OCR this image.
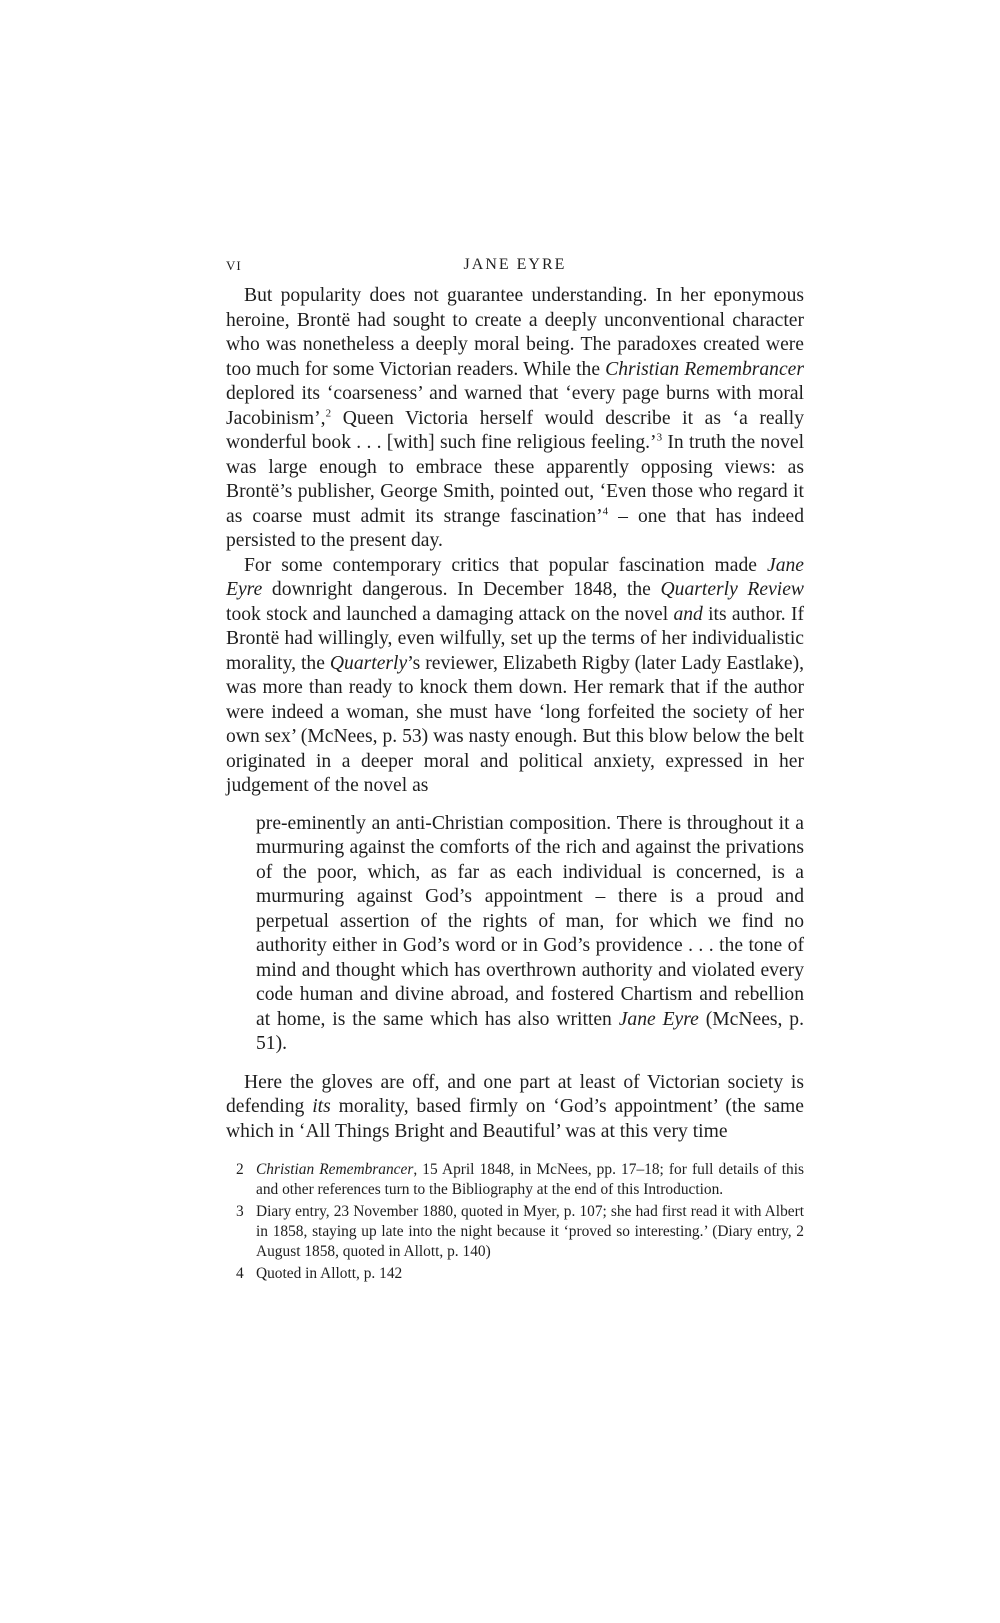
VI	JANE EYRE

But popularity does not guarantee understanding. In her eponymous heroine, Brontë had sought to create a deeply unconventional character who was nonetheless a deeply moral being. The paradoxes created were too much for some Victorian readers. While the Christian Remembrancer deplored its ‘coarseness’ and warned that ‘every page burns with moral Jacobinism’,$^2$ Queen Victoria herself would describe it as ‘a really wonderful book . . . [with] such fine religious feeling.’$^3$ In truth the novel was large enough to embrace these apparently opposing views: as Brontë’s publisher, George Smith, pointed out, ‘Even those who regard it as coarse must admit its strange fascination’$^4$ – one that has indeed persisted to the present day.

For some contemporary critics that popular fascination made Jane Eyre downright dangerous. In December 1848, the Quarterly Review took stock and launched a damaging attack on the novel and its author. If Brontë had willingly, even wilfully, set up the terms of her individualistic morality, the Quarterly’s reviewer, Elizabeth Rigby (later Lady Eastlake), was more than ready to knock them down. Her remark that if the author were indeed a woman, she must have ‘long forfeited the society of her own sex’ (McNees, p. 53) was nasty enough. But this blow below the belt originated in a deeper moral and political anxiety, expressed in her judgement of the novel as

pre-eminently an anti-Christian composition. There is throughout it a murmuring against the comforts of the rich and against the privations of the poor, which, as far as each individual is concerned, is a murmuring against God’s appointment – there is a proud and perpetual assertion of the rights of man, for which we find no authority either in God’s word or in God’s providence . . . the tone of mind and thought which has overthrown authority and violated every code human and divine abroad, and fostered Chartism and rebellion at home, is the same which has also written Jane Eyre (McNees, p. 51).

Here the gloves are off, and one part at least of Victorian society is defending its morality, based firmly on ‘God’s appointment’ (the same which in ‘All Things Bright and Beautiful’ was at this very time

2 Christian Remembrancer, 15 April 1848, in McNees, pp. 17–18; for full details of this and other references turn to the Bibliography at the end of this Introduction.
3 Diary entry, 23 November 1880, quoted in Myer, p. 107; she had first read it with Albert in 1858, staying up late into the night because it ‘proved so interesting.’ (Diary entry, 2 August 1858, quoted in Allott, p. 140)
4 Quoted in Allott, p. 142
